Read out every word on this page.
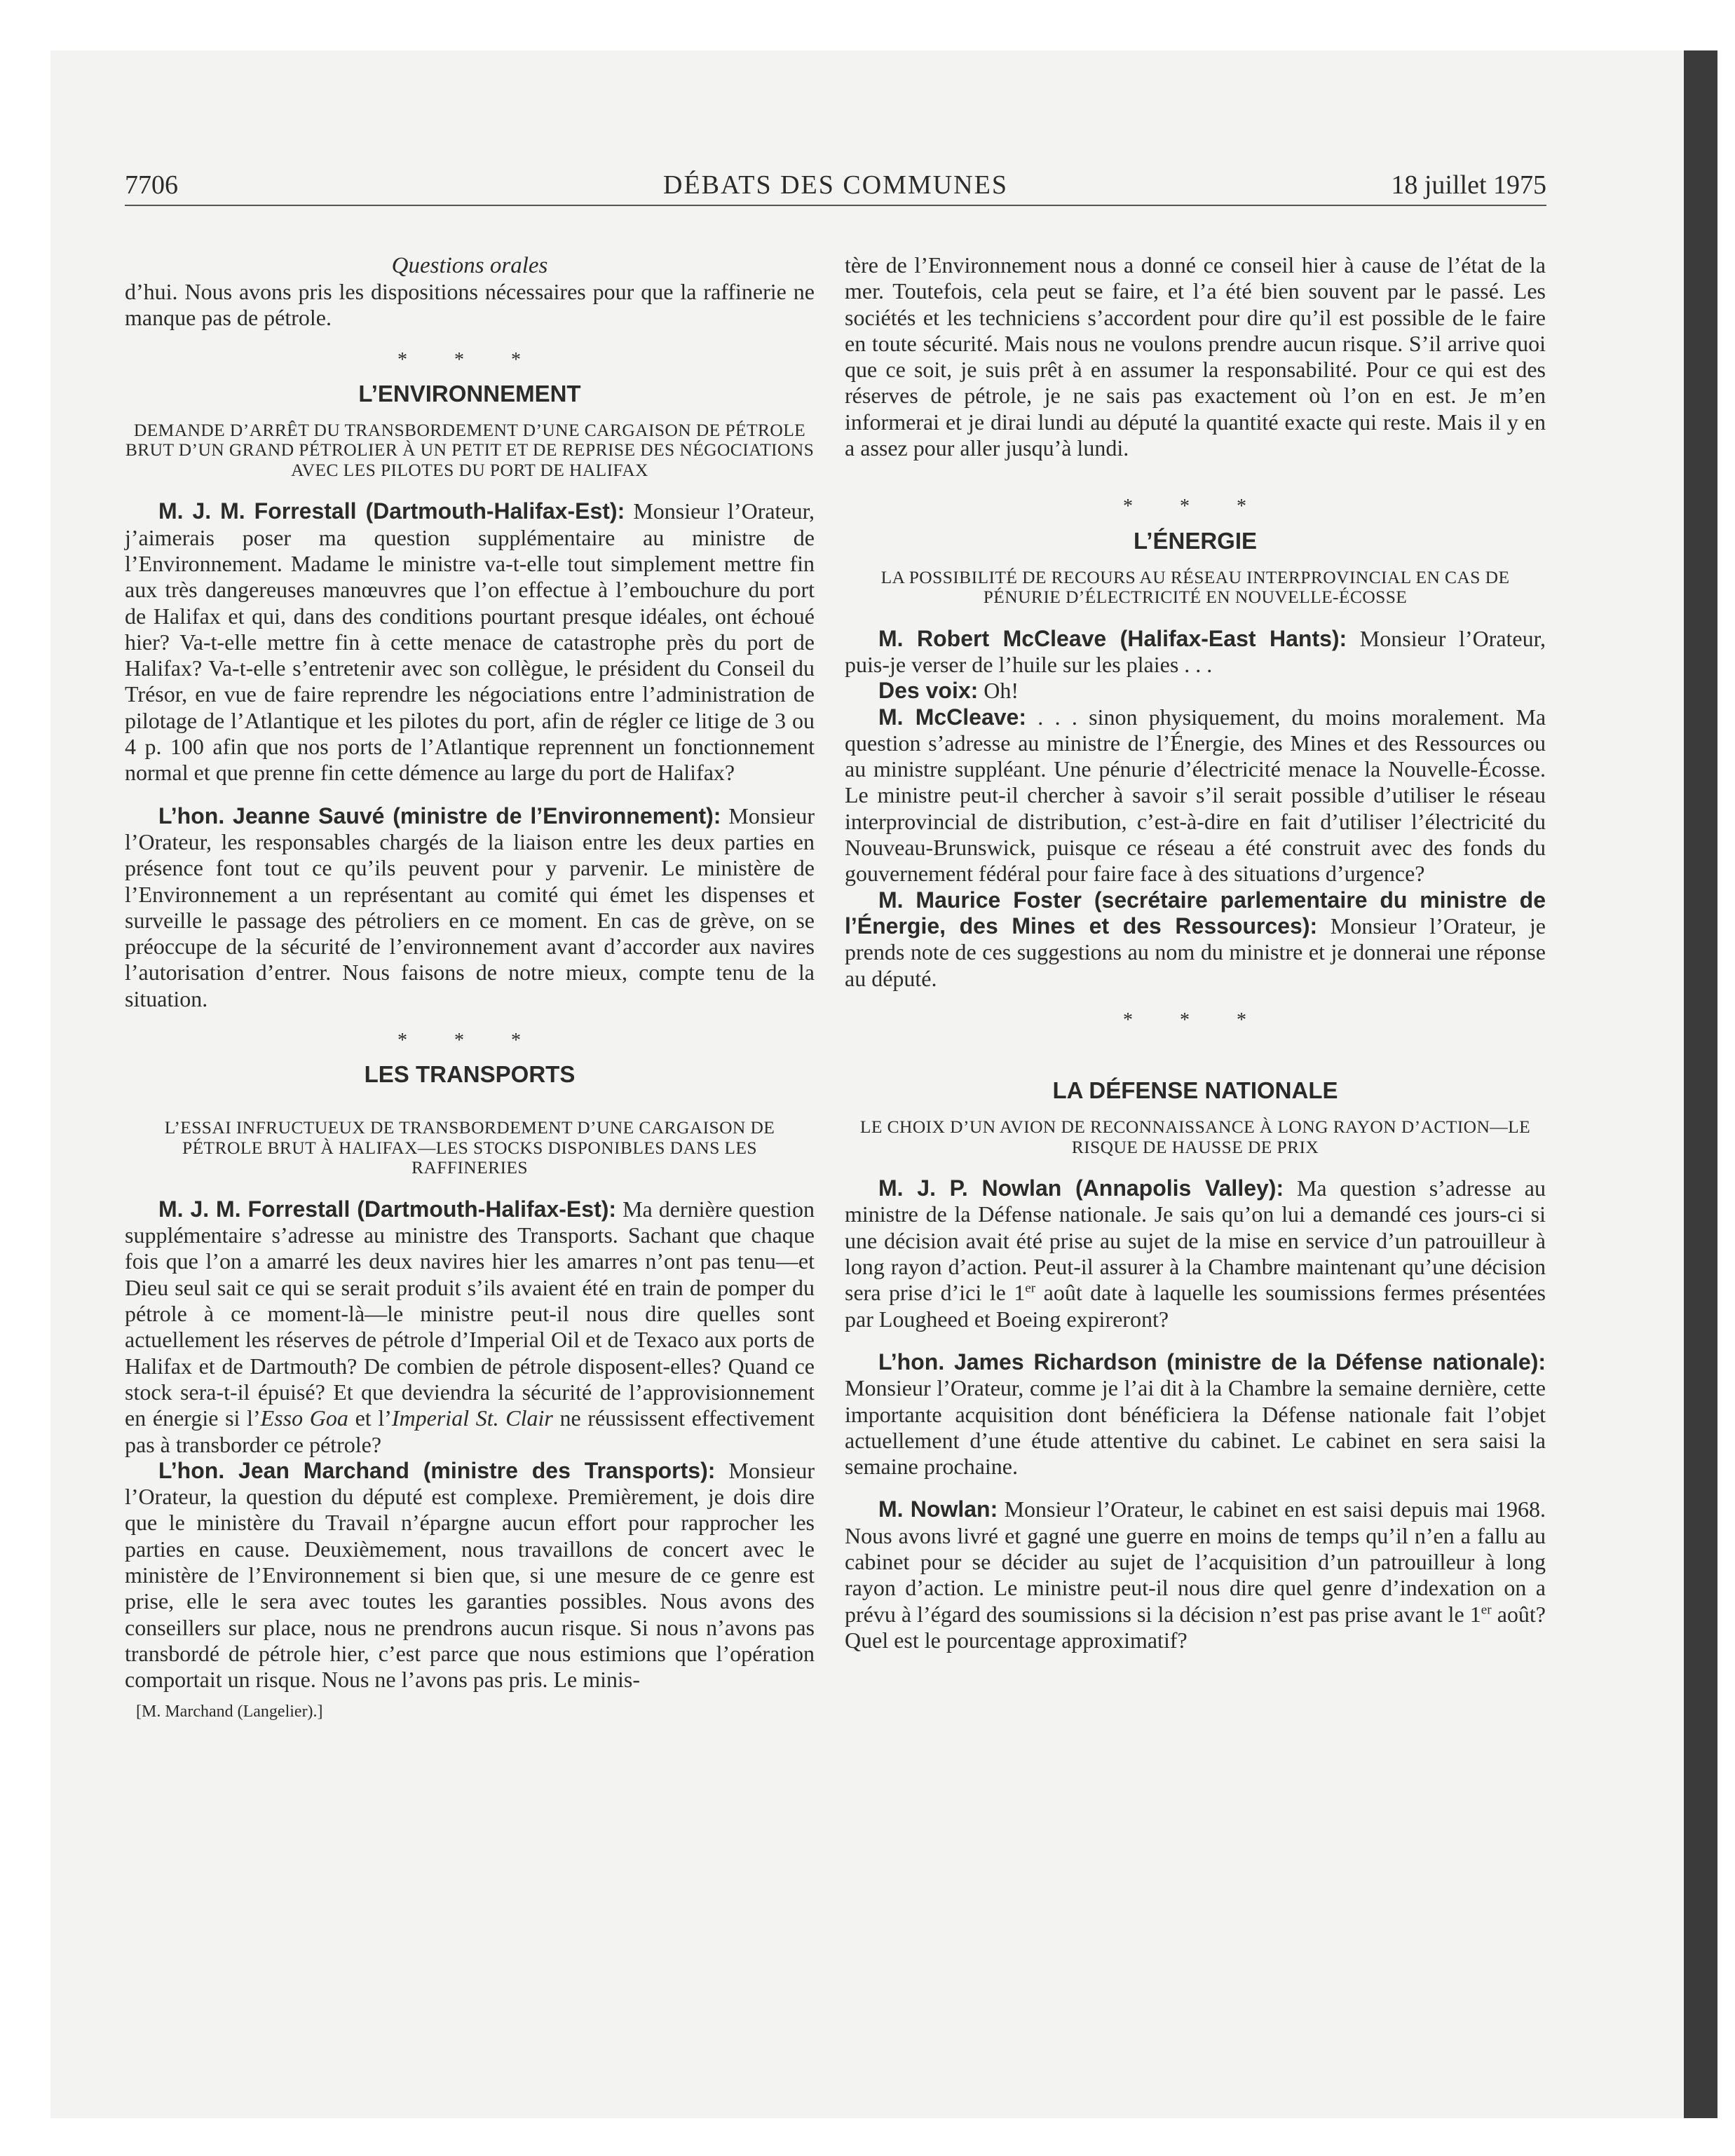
7706	DÉBATS DES COMMUNES	18 juillet 1975

Questions orales

d’hui. Nous avons pris les dispositions nécessaires pour que la raffinerie ne manque pas de pétrole.

* * *
L’ENVIRONNEMENT
DEMANDE D’ARRÊT DU TRANSBORDEMENT D’UNE CARGAISON DE PÉTROLE BRUT D’UN GRAND PÉTROLIER À UN PETIT ET DE REPRISE DES NÉGOCIATIONS AVEC LES PILOTES DU PORT DE HALIFAX

M. J. M. Forrestall (Dartmouth-Halifax-Est): Monsieur l’Orateur, j’aimerais poser ma question supplémentaire au ministre de l’Environnement. Madame le ministre va-t-elle tout simplement mettre fin aux très dangereuses manœuvres que l’on effectue à l’embouchure du port de Halifax et qui, dans des conditions pourtant presque idéales, ont échoué hier? Va-t-elle mettre fin à cette menace de catastrophe près du port de Halifax? Va-t-elle s’entretenir avec son collègue, le président du Conseil du Trésor, en vue de faire reprendre les négociations entre l’administration de pilotage de l’Atlantique et les pilotes du port, afin de régler ce litige de 3 ou 4 p. 100 afin que nos ports de l’Atlantique reprennent un fonctionnement normal et que prenne fin cette démence au large du port de Halifax?

L’hon. Jeanne Sauvé (ministre de l’Environnement): Monsieur l’Orateur, les responsables chargés de la liaison entre les deux parties en présence font tout ce qu’ils peuvent pour y parvenir. Le ministère de l’Environnement a un représentant au comité qui émet les dispenses et surveille le passage des pétroliers en ce moment. En cas de grève, on se préoccupe de la sécurité de l’environnement avant d’accorder aux navires l’autorisation d’entrer. Nous faisons de notre mieux, compte tenu de la situation.

* * *
LES TRANSPORTS
L’ESSAI INFRUCTUEUX DE TRANSBORDEMENT D’UNE CARGAISON DE PÉTROLE BRUT À HALIFAX—LES STOCKS DISPONIBLES DANS LES RAFFINERIES

M. J. M. Forrestall (Dartmouth-Halifax-Est): Ma dernière question supplémentaire s’adresse au ministre des Transports. Sachant que chaque fois que l’on a amarré les deux navires hier les amarres n’ont pas tenu—et Dieu seul sait ce qui se serait produit s’ils avaient été en train de pomper du pétrole à ce moment-là—le ministre peut-il nous dire quelles sont actuellement les réserves de pétrole d’Imperial Oil et de Texaco aux ports de Halifax et de Dartmouth? De combien de pétrole disposent-elles? Quand ce stock sera-t-il épuisé? Et que deviendra la sécurité de l’approvisionnement en énergie si l’Esso Goa et l’Imperial St. Clair ne réussissent effectivement pas à transborder ce pétrole?

L’hon. Jean Marchand (ministre des Transports): Monsieur l’Orateur, la question du député est complexe. Premièrement, je dois dire que le ministère du Travail n’épargne aucun effort pour rapprocher les parties en cause. Deuxièmement, nous travaillons de concert avec le ministère de l’Environnement si bien que, si une mesure de ce genre est prise, elle le sera avec toutes les garanties possibles. Nous avons des conseillers sur place, nous ne prendrons aucun risque. Si nous n’avons pas transbordé de pétrole hier, c’est parce que nous estimions que l’opération comportait un risque. Nous ne l’avons pas pris. Le minis-

[M. Marchand (Langelier).]

tère de l’Environnement nous a donné ce conseil hier à cause de l’état de la mer. Toutefois, cela peut se faire, et l’a été bien souvent par le passé. Les sociétés et les techniciens s’accordent pour dire qu’il est possible de le faire en toute sécurité. Mais nous ne voulons prendre aucun risque. S’il arrive quoi que ce soit, je suis prêt à en assumer la responsabilité. Pour ce qui est des réserves de pétrole, je ne sais pas exactement où l’on en est. Je m’en informerai et je dirai lundi au député la quantité exacte qui reste. Mais il y en a assez pour aller jusqu’à lundi.

* * *
L’ÉNERGIE
LA POSSIBILITÉ DE RECOURS AU RÉSEAU INTERPROVINCIAL EN CAS DE PÉNURIE D’ÉLECTRICITÉ EN NOUVELLE-ÉCOSSE

M. Robert McCleave (Halifax-East Hants): Monsieur l’Orateur, puis-je verser de l’huile sur les plaies . . .

Des voix: Oh!

M. McCleave: . . . sinon physiquement, du moins moralement. Ma question s’adresse au ministre de l’Énergie, des Mines et des Ressources ou au ministre suppléant. Une pénurie d’électricité menace la Nouvelle-Écosse. Le ministre peut-il chercher à savoir s’il serait possible d’utiliser le réseau interprovincial de distribution, c’est-à-dire en fait d’utiliser l’électricité du Nouveau-Brunswick, puisque ce réseau a été construit avec des fonds du gouvernement fédéral pour faire face à des situations d’urgence?

M. Maurice Foster (secrétaire parlementaire du ministre de l’Énergie, des Mines et des Ressources): Monsieur l’Orateur, je prends note de ces suggestions au nom du ministre et je donnerai une réponse au député.

* * *
LA DÉFENSE NATIONALE
LE CHOIX D’UN AVION DE RECONNAISSANCE À LONG RAYON D’ACTION—LE RISQUE DE HAUSSE DE PRIX

M. J. P. Nowlan (Annapolis Valley): Ma question s’adresse au ministre de la Défense nationale. Je sais qu’on lui a demandé ces jours-ci si une décision avait été prise au sujet de la mise en service d’un patrouilleur à long rayon d’action. Peut-il assurer à la Chambre maintenant qu’une décision sera prise d’ici le 1er août date à laquelle les soumissions fermes présentées par Lougheed et Boeing expireront?

L’hon. James Richardson (ministre de la Défense nationale): Monsieur l’Orateur, comme je l’ai dit à la Chambre la semaine dernière, cette importante acquisition dont bénéficiera la Défense nationale fait l’objet actuellement d’une étude attentive du cabinet. Le cabinet en sera saisi la semaine prochaine.

M. Nowlan: Monsieur l’Orateur, le cabinet en est saisi depuis mai 1968. Nous avons livré et gagné une guerre en moins de temps qu’il n’en a fallu au cabinet pour se décider au sujet de l’acquisition d’un patrouilleur à long rayon d’action. Le ministre peut-il nous dire quel genre d’indexation on a prévu à l’égard des soumissions si la décision n’est pas prise avant le 1er août? Quel est le pourcentage approximatif?
